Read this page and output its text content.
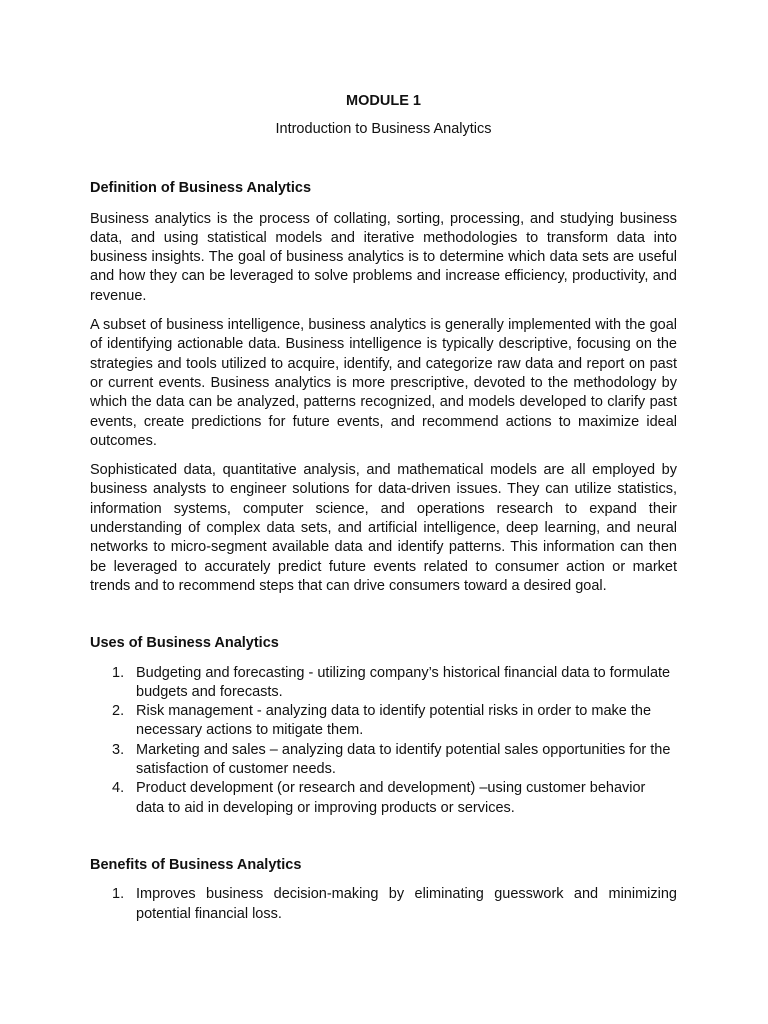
MODULE 1

Introduction to Business Analytics

Definition of Business Analytics

Business analytics is the process of collating, sorting, processing, and studying business data, and using statistical models and iterative methodologies to transform data into business insights. The goal of business analytics is to determine which data sets are useful and how they can be leveraged to solve problems and increase efficiency, productivity, and revenue.

A subset of business intelligence, business analytics is generally implemented with the goal of identifying actionable data. Business intelligence is typically descriptive, focusing on the strategies and tools utilized to acquire, identify, and categorize raw data and report on past or current events. Business analytics is more prescriptive, devoted to the methodology by which the data can be analyzed, patterns recognized, and models developed to clarify past events, create predictions for future events, and recommend actions to maximize ideal outcomes.

Sophisticated data, quantitative analysis, and mathematical models are all employed by business analysts to engineer solutions for data-driven issues. They can utilize statistics, information systems, computer science, and operations research to expand their understanding of complex data sets, and artificial intelligence, deep learning, and neural networks to micro-segment available data and identify patterns. This information can then be leveraged to accurately predict future events related to consumer action or market trends and to recommend steps that can drive consumers toward a desired goal.

Uses of Business Analytics

1. Budgeting and forecasting - utilizing company’s historical financial data to formulate budgets and forecasts.
2. Risk management - analyzing data to identify potential risks in order to make the necessary actions to mitigate them.
3. Marketing and sales – analyzing data to identify potential sales opportunities for the satisfaction of customer needs.
4. Product development (or research and development) –using customer behavior data to aid in developing or improving products or services.

Benefits of Business Analytics

1. Improves business decision-making by eliminating guesswork and minimizing potential financial loss.
